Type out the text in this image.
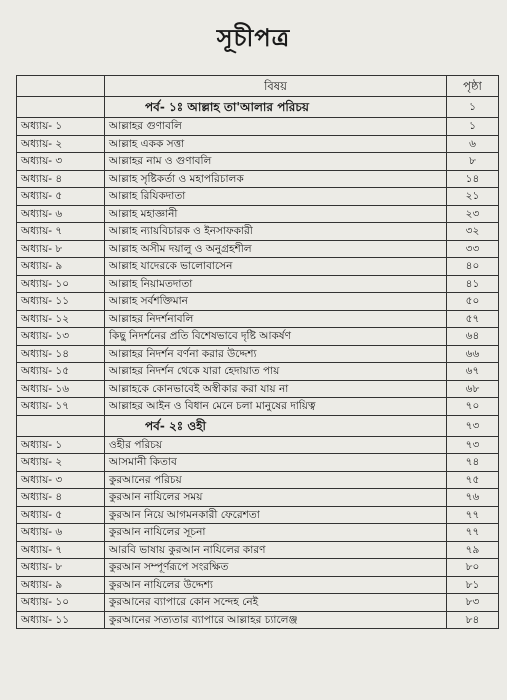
সূচীপত্র
	বিষয়	পৃষ্ঠা
	পর্ব- ১ঃ আল্লাহ তা'আলার পরিচয়	১
অধ্যায়- ১	আল্লাহর গুণাবলি	১
অধ্যায়- ২	আল্লাহ একক সত্তা	৬
অধ্যায়- ৩	আল্লাহর নাম ও গুণাবলি	৮
অধ্যায়- ৪	আল্লাহ সৃষ্টিকর্তা ও মহাপরিচালক	১৪
অধ্যায়- ৫	আল্লাহ রিযিকদাতা	২১
অধ্যায়- ৬	আল্লাহ মহাজ্ঞানী	২৩
অধ্যায়- ৭	আল্লাহ ন্যায়বিচারক ও ইনসাফকারী	৩২
অধ্যায়- ৮	আল্লাহ অসীম দয়ালু ও অনুগ্রহশীল	৩৩
অধ্যায়- ৯	আল্লাহ যাদেরকে ভালোবাসেন	৪০
অধ্যায়- ১০	আল্লাহ নিয়ামতদাতা	৪১
অধ্যায়- ১১	আল্লাহ সর্বশক্তিমান	৫০
অধ্যায়- ১২	আল্লাহর নিদর্শনাবলি	৫৭
অধ্যায়- ১৩	কিছু নিদর্শনের প্রতি বিশেষভাবে দৃষ্টি আকর্ষণ	৬৪
অধ্যায়- ১৪	আল্লাহর নিদর্শন বর্ণনা করার উদ্দেশ্য	৬৬
অধ্যায়- ১৫	আল্লাহর নিদর্শন থেকে যারা হেদায়াত পায়	৬৭
অধ্যায়- ১৬	আল্লাহকে কোনভাবেই অস্বীকার করা যায় না	৬৮
অধ্যায়- ১৭	আল্লাহর আইন ও বিধান মেনে চলা মানুষের দায়িত্ব	৭০
	পর্ব- ২ঃ ওহী	৭৩
অধ্যায়- ১	ওহীর পরিচয়	৭৩
অধ্যায়- ২	আসমানী কিতাব	৭৪
অধ্যায়- ৩	কুরআনের পরিচয়	৭৫
অধ্যায়- ৪	কুরআন নাযিলের সময়	৭৬
অধ্যায়- ৫	কুরআন নিয়ে আগমনকারী ফেরেশতা	৭৭
অধ্যায়- ৬	কুরআন নাযিলের সূচনা	৭৭
অধ্যায়- ৭	আরবি ভাষায় কুরআন নাযিলের কারণ	৭৯
অধ্যায়- ৮	কুরআন সম্পূর্ণরূপে সংরক্ষিত	৮০
অধ্যায়- ৯	কুরআন নাযিলের উদ্দেশ্য	৮১
অধ্যায়- ১০	কুরআনের ব্যাপারে কোন সন্দেহ নেই	৮৩
অধ্যায়- ১১	কুরআনের সত্যতার ব্যাপারে আল্লাহর চ্যালেঞ্জ	৮৪
